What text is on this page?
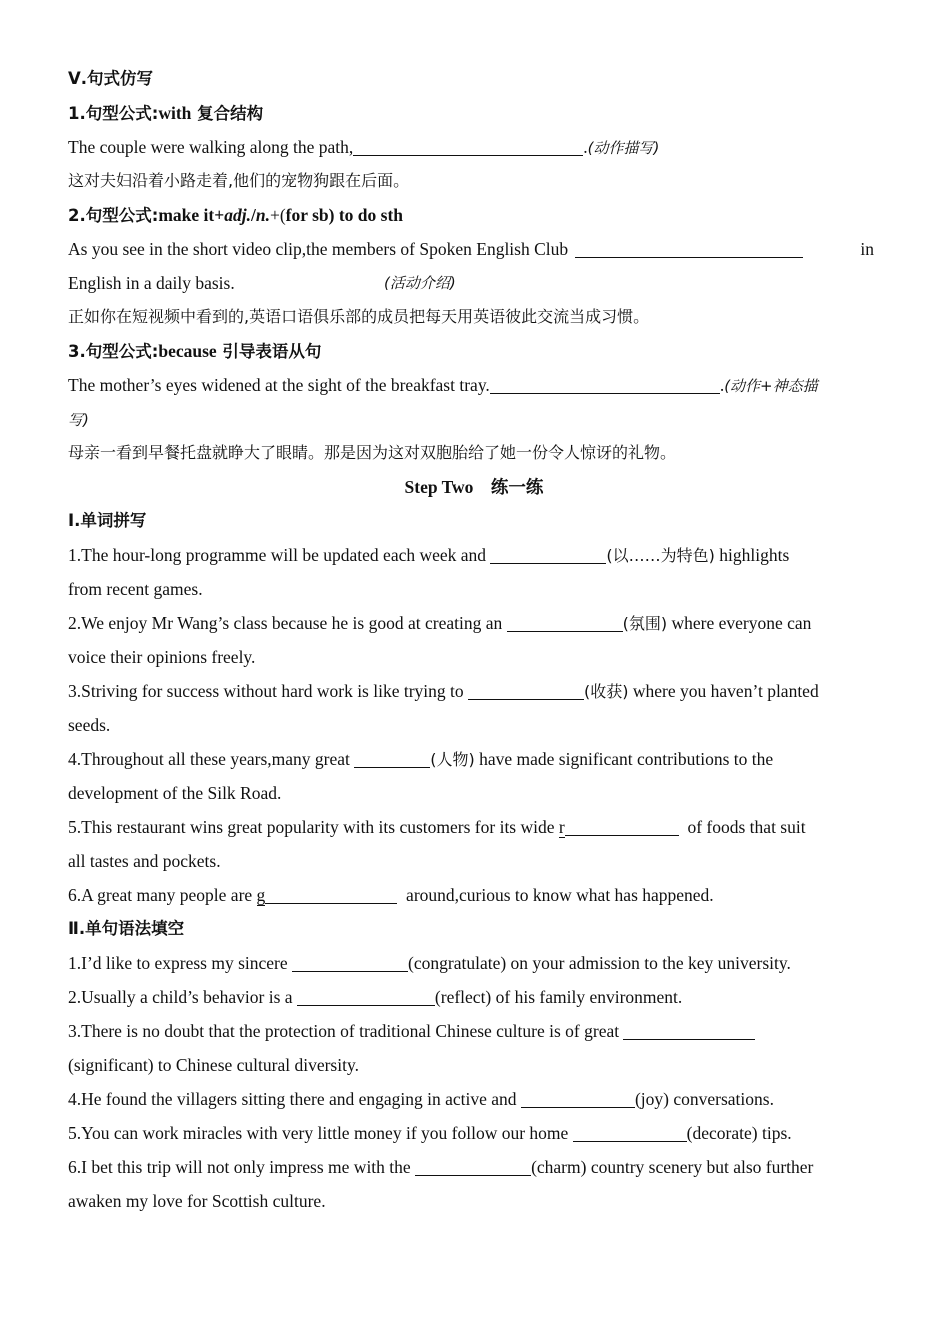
Ⅴ.句式仿写
1.句型公式:with 复合结构
The couple were walking along the path,	.(动作描写)
这对夫妇沿着小路走着,他们的宠物狗跟在后面。
2.句型公式:make it+adj./n.+(for sb) to do sth
As you see in the short video clip,the members of Spoken English Club	in
English in a daily basis.	(活动介绍)
正如你在短视频中看到的,英语口语俱乐部的成员把每天用英语彼此交流当成习惯。
3.句型公式:because 引导表语从句
The mother’s eyes widened at the sight of the breakfast tray.	.(动作+神态描
写)
母亲一看到早餐托盘就睁大了眼睛。那是因为这对双胞胎给了她一份令人惊讶的礼物。
Step Two　练一练
Ⅰ.单词拼写
1.The hour-long programme will be updated each week and	(以……为特色) highlights
from recent games.
2.We enjoy Mr Wang’s class because he is good at creating an	(氛围) where everyone can
voice their opinions freely.
3.Striving for success without hard work is like trying to	(收获) where you haven’t planted
seeds.
4.Throughout all these years,many great	(人物) have made significant contributions to the
development of the Silk Road.
5.This restaurant wins great popularity with its customers for its wide r	of foods that suit
all tastes and pockets.
6.A great many people are g	around,curious to know what has happened.
Ⅱ.单句语法填空
1.I’d like to express my sincere	(congratulate) on your admission to the key university.
2.Usually a child’s behavior is a	(reflect) of his family environment.
3.There is no doubt that the protection of traditional Chinese culture is of great
(significant) to Chinese cultural diversity.
4.He found the villagers sitting there and engaging in active and	(joy) conversations.
5.You can work miracles with very little money if you follow our home	(decorate) tips.
6.I bet this trip will not only impress me with the	(charm) country scenery but also further
awaken my love for Scottish culture.
